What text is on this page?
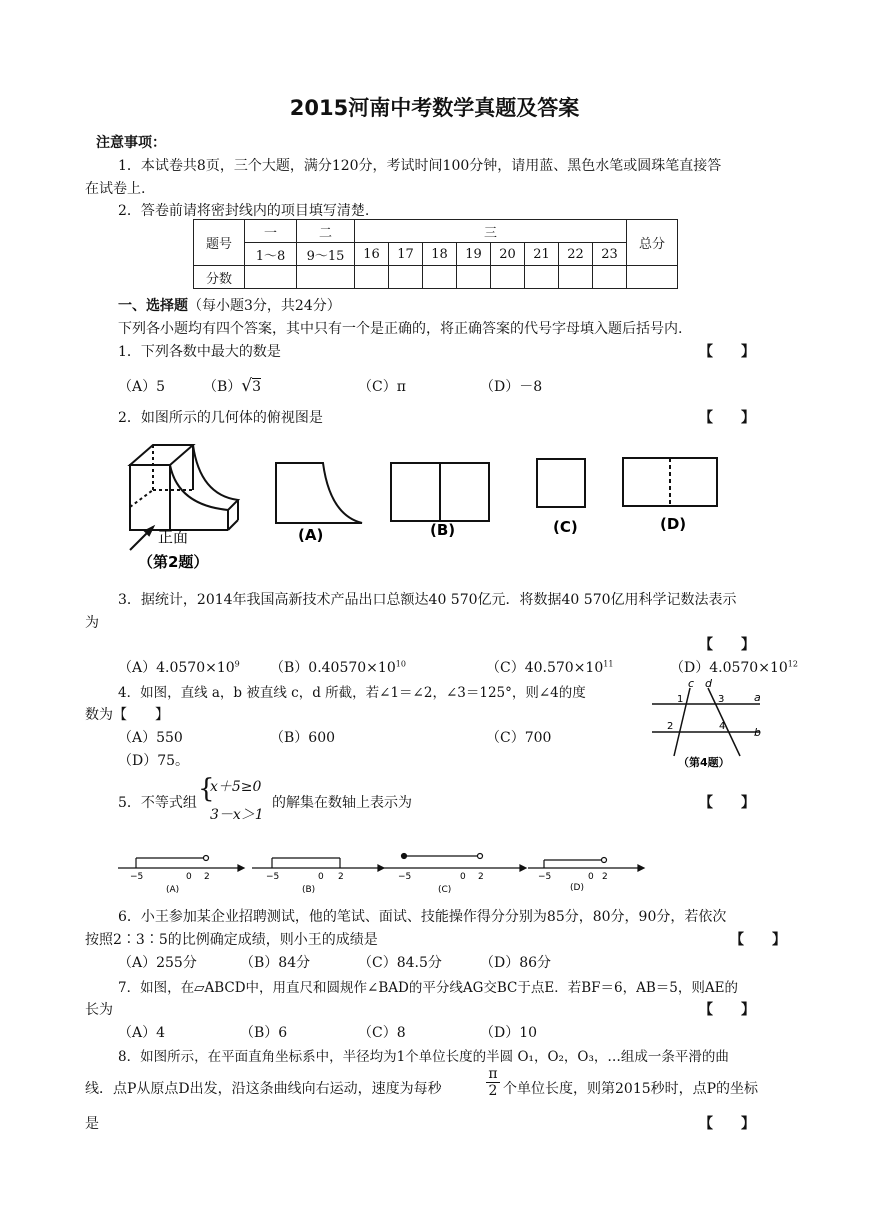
2015河南中考数学真题及答案
注意事项：
1．本试卷共8页，三个大题，满分120分，考试时间100分钟，请用蓝、黑色水笔或圆珠笔直接答
在试卷上.
2．答卷前请将密封线内的项目填写清楚.
题号	一	二	三								总分
	1～8	9～15	16	17	18	19	20	21	22	23	
分数											
一、选择题（每小题3分，共24分）
下列各小题均有四个答案，其中只有一个是正确的，将正确答案的代号字母填入题后括号内.
1．下列各数中最大的数是	【　　】
（A）5	（B）√3	（C）π	（D）－8
2．如图所示的几何体的俯视图是	【　　】
正面
（第2题）
(A)	(B)	(C)	(D)
3．据统计，2014年我国高新技术产品出口总额达40 570亿元．将数据40 570亿用科学记数法表示
为
【　　】
$(A)4.0570\times 10^9$ $(B)0.40570\times 10^{10}$	$(C)40.570\times 10^{11}$	$(D)4.0570\times 10^{12}$
4．如图，直线 a，b 被直线 c，d 所截，若∠1＝∠2，∠3＝125°，则∠4的度
数为【　　】
（A）550	（B）600	（C）700
（D）75。
c d
a
b
1
2
3
4
（第4题）
5．不等式组 {
x＋5≥0
3－x＞1
的解集在数轴上表示为	【　　】
−5	0 2	−5	0 2	−5	0 2	−5	0 2
(A)	(B)	(C)	(D)
6．小王参加某企业招聘测试，他的笔试、面试、技能操作得分分别为85分，80分，90分，若依次
按照2∶3∶5的比例确定成绩，则小王的成绩是	【　　】
（A）255分	（B）84分	（C）84.5分	（D）86分
7．如图，在▱ABCD中，用直尺和圆规作∠BAD的平分线AG交BC于点E．若BF＝6，AB＝5，则AE的
长为	【　　】
（A）4	（B）6	（C）8	（D）10
8．如图所示，在平面直角坐标系中，半径均为1个单位长度的半圆 O₁，O₂，O₃，…组成一条平滑的曲
线．点P从原点D出发，沿这条曲线向右运动，速度为每秒	$\frac{\pi}{2}$ 个单位长度，则第2015秒时，点P的坐标
是	【　　】
